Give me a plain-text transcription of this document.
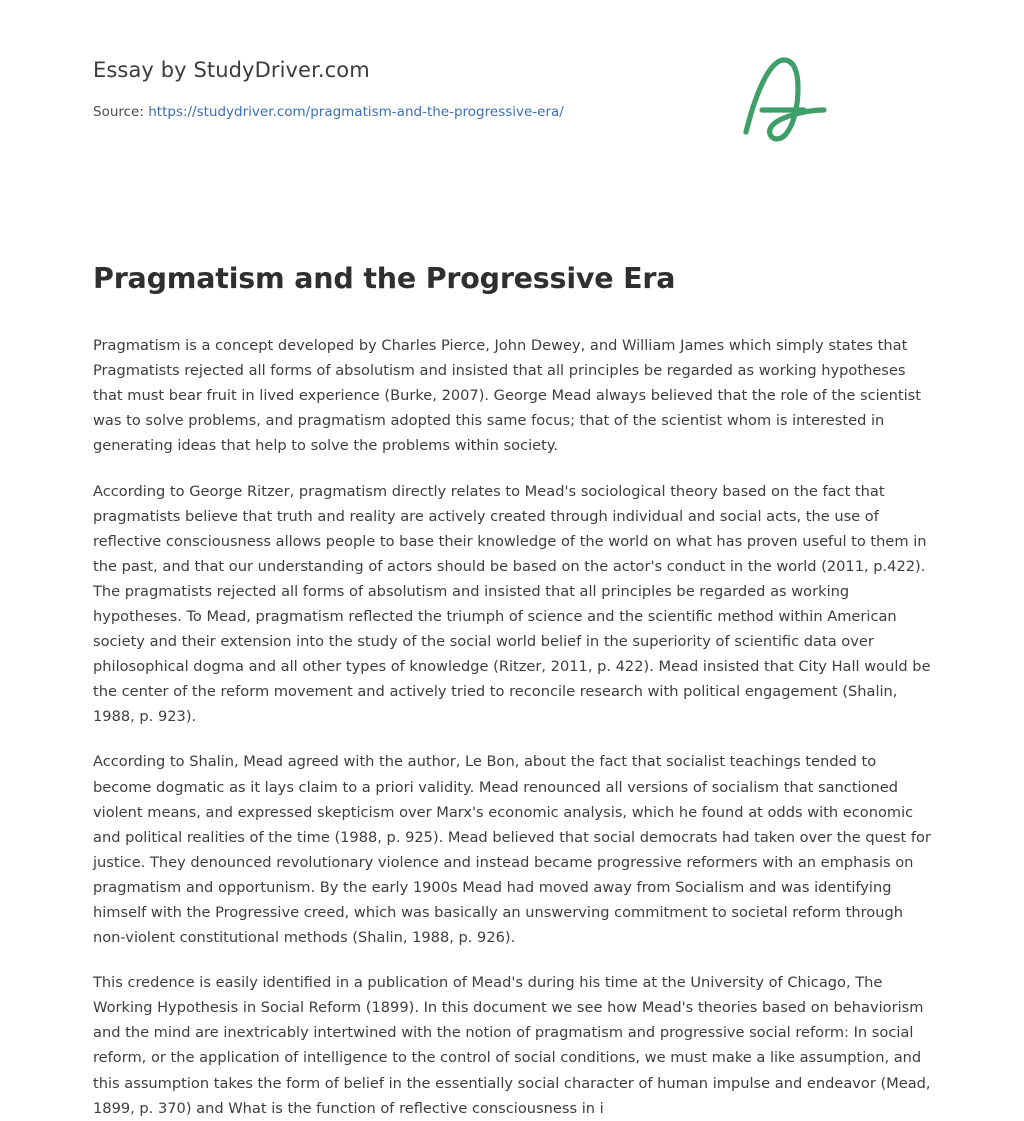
Essay by StudyDriver.com
Source: https://studydriver.com/pragmatism-and-the-progressive-era/
Pragmatism and the Progressive Era

Pragmatism is a concept developed by Charles Pierce, John Dewey, and William James which simply states that Pragmatists rejected all forms of absolutism and insisted that all principles be regarded as working hypotheses that must bear fruit in lived experience (Burke, 2007). George Mead always believed that the role of the scientist was to solve problems, and pragmatism adopted this same focus; that of the scientist whom is interested in generating ideas that help to solve the problems within society.

According to George Ritzer, pragmatism directly relates to Mead's sociological theory based on the fact that pragmatists believe that truth and reality are actively created through individual and social acts, the use of reflective consciousness allows people to base their knowledge of the world on what has proven useful to them in the past, and that our understanding of actors should be based on the actor's conduct in the world (2011, p.422). The pragmatists rejected all forms of absolutism and insisted that all principles be regarded as working hypotheses. To Mead, pragmatism reflected the triumph of science and the scientific method within American society and their extension into the study of the social world belief in the superiority of scientific data over philosophical dogma and all other types of knowledge (Ritzer, 2011, p. 422). Mead insisted that City Hall would be the center of the reform movement and actively tried to reconcile research with political engagement (Shalin, 1988, p. 923).

According to Shalin, Mead agreed with the author, Le Bon, about the fact that socialist teachings tended to become dogmatic as it lays claim to a priori validity. Mead renounced all versions of socialism that sanctioned violent means, and expressed skepticism over Marx's economic analysis, which he found at odds with economic and political realities of the time (1988, p. 925). Mead believed that social democrats had taken over the quest for justice. They denounced revolutionary violence and instead became progressive reformers with an emphasis on pragmatism and opportunism. By the early 1900s Mead had moved away from Socialism and was identifying himself with the Progressive creed, which was basically an unswerving commitment to societal reform through non-violent constitutional methods (Shalin, 1988, p. 926).

This credence is easily identified in a publication of Mead's during his time at the University of Chicago, The Working Hypothesis in Social Reform (1899). In this document we see how Mead's theories based on behaviorism and the mind are inextricably intertwined with the notion of pragmatism and progressive social reform: In social reform, or the application of intelligence to the control of social conditions, we must make a like assumption, and this assumption takes the form of belief in the essentially social character of human impulse and endeavor (Mead, 1899, p. 370) and What is the function of reflective consciousness in i
